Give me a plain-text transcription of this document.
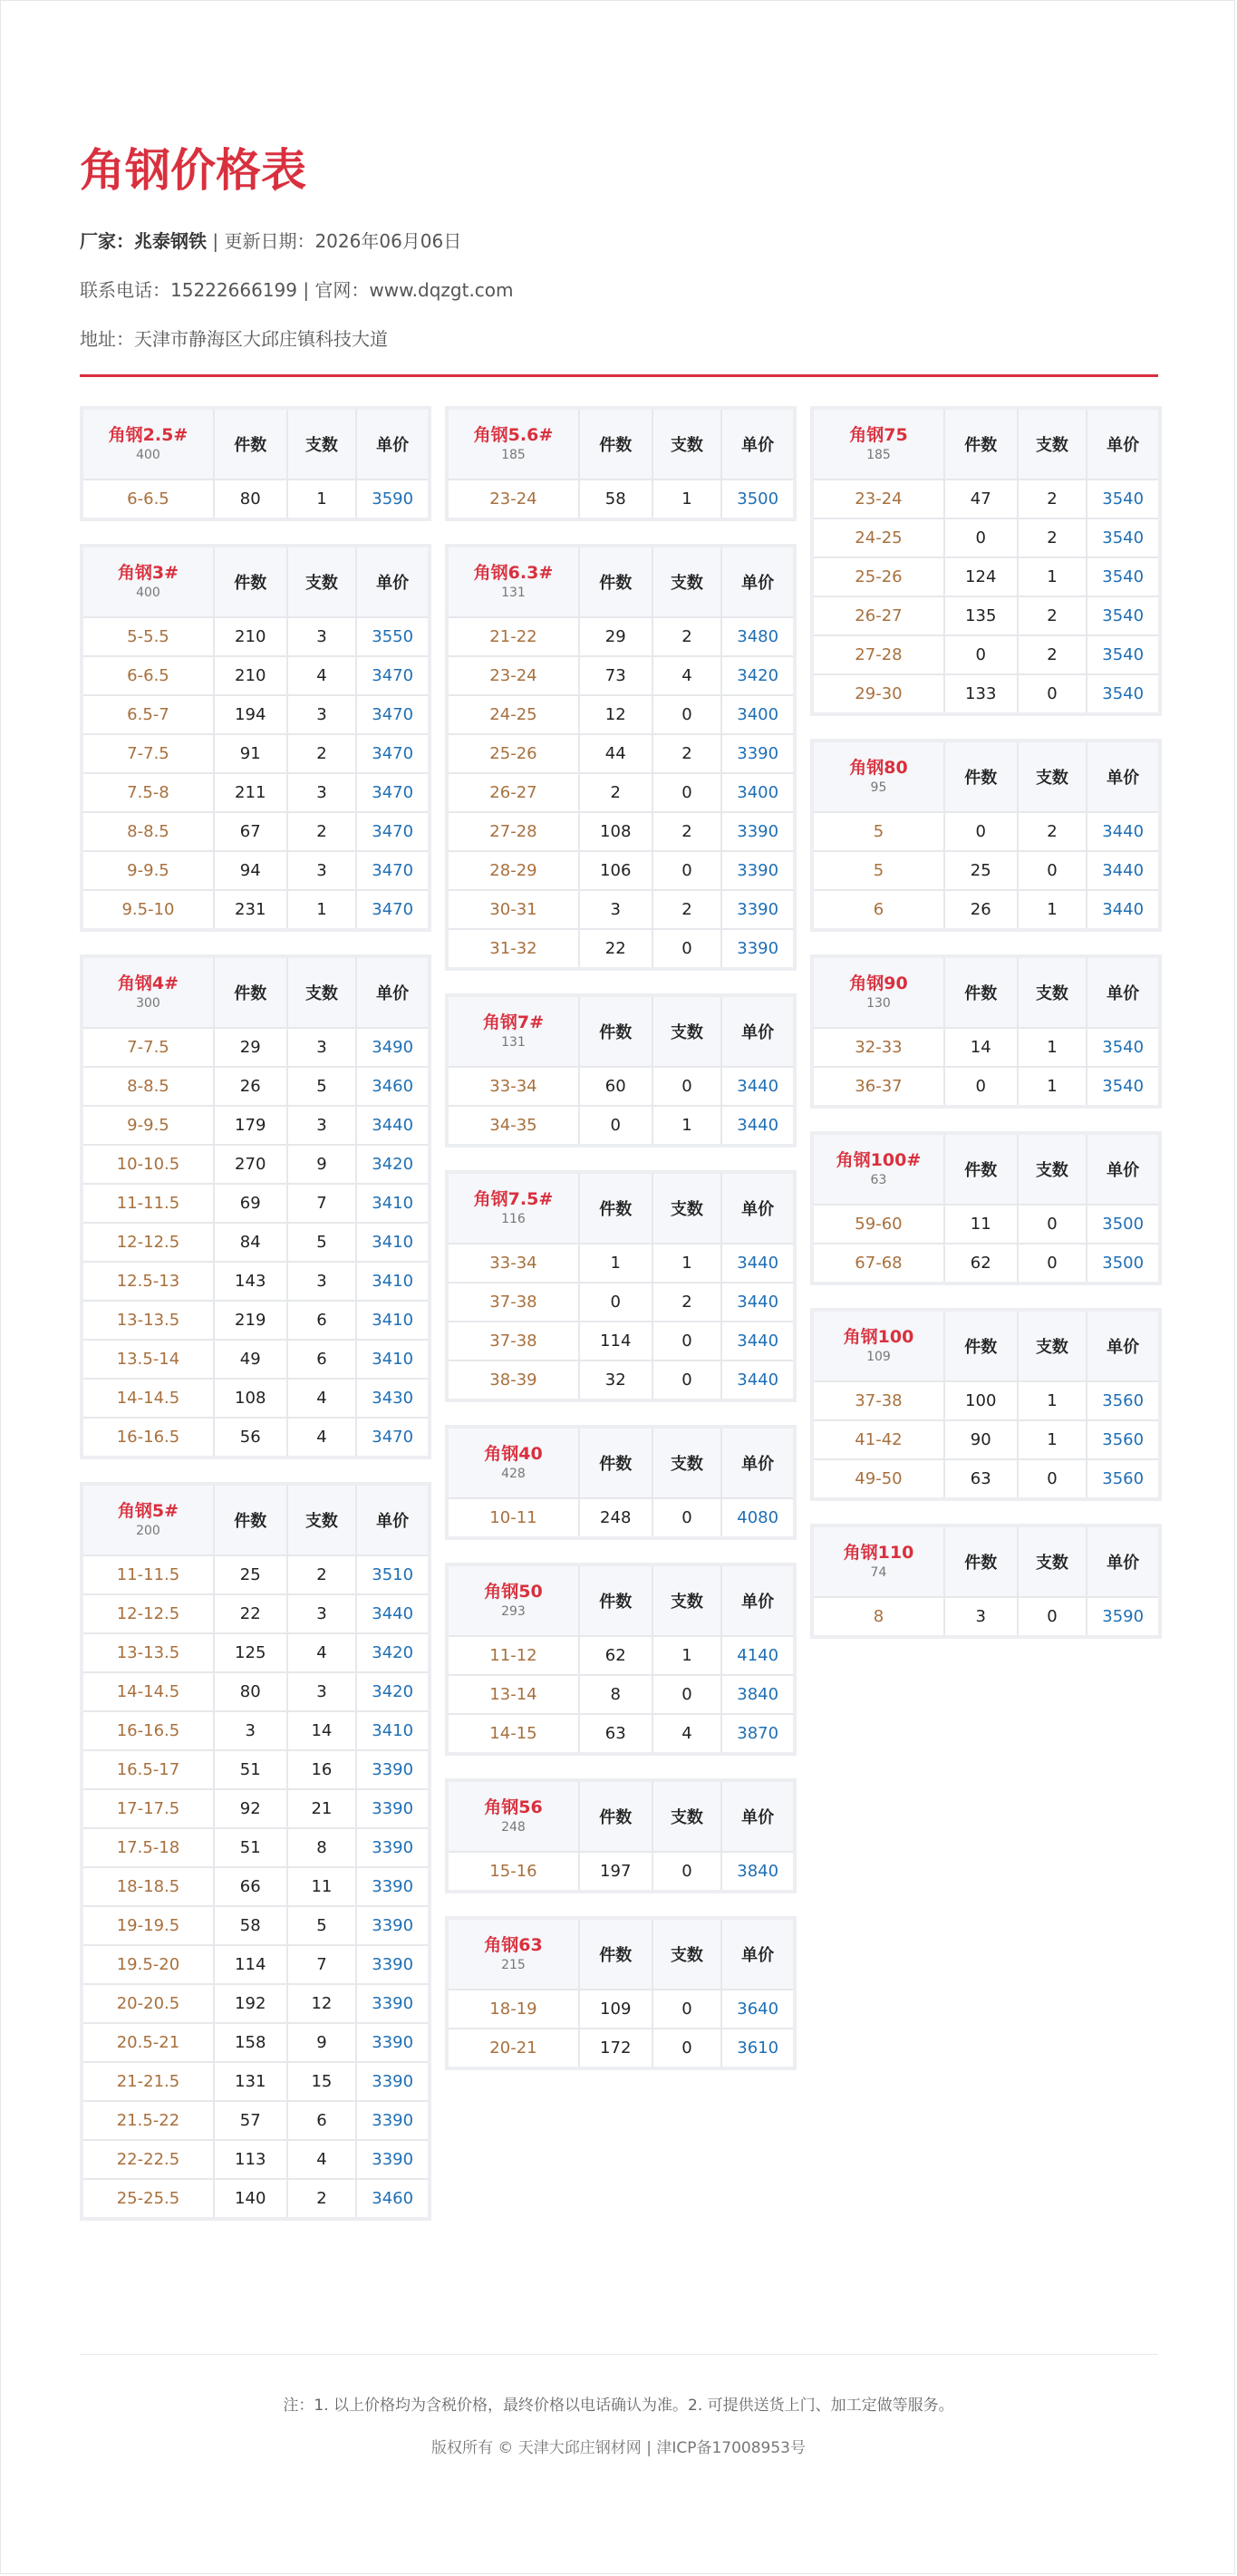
角钢价格表
厂家：兆泰钢铁 | 更新日期：2026年06月06日
联系电话：15222666199 | 官网：www.dqzgt.com
地址：天津市静海区大邱庄镇科技大道
角钢2.5#
400	件数	支数	单价
6-6.5	80	1	3590
角钢3#
400	件数	支数	单价
5-5.5	210	3	3550
6-6.5	210	4	3470
6.5-7	194	3	3470
7-7.5	91	2	3470
7.5-8	211	3	3470
8-8.5	67	2	3470
9-9.5	94	3	3470
9.5-10	231	1	3470
角钢4#
300	件数	支数	单价
7-7.5	29	3	3490
8-8.5	26	5	3460
9-9.5	179	3	3440
10-10.5	270	9	3420
11-11.5	69	7	3410
12-12.5	84	5	3410
12.5-13	143	3	3410
13-13.5	219	6	3410
13.5-14	49	6	3410
14-14.5	108	4	3430
16-16.5	56	4	3470
角钢5#
200	件数	支数	单价
11-11.5	25	2	3510
12-12.5	22	3	3440
13-13.5	125	4	3420
14-14.5	80	3	3420
16-16.5	3	14	3410
16.5-17	51	16	3390
17-17.5	92	21	3390
17.5-18	51	8	3390
18-18.5	66	11	3390
19-19.5	58	5	3390
19.5-20	114	7	3390
20-20.5	192	12	3390
20.5-21	158	9	3390
21-21.5	131	15	3390
21.5-22	57	6	3390
22-22.5	113	4	3390
25-25.5	140	2	3460
角钢5.6#
185	件数	支数	单价
23-24	58	1	3500
角钢6.3#
131	件数	支数	单价
21-22	29	2	3480
23-24	73	4	3420
24-25	12	0	3400
25-26	44	2	3390
26-27	2	0	3400
27-28	108	2	3390
28-29	106	0	3390
30-31	3	2	3390
31-32	22	0	3390
角钢7#
131	件数	支数	单价
33-34	60	0	3440
34-35	0	1	3440
角钢7.5#
116	件数	支数	单价
33-34	1	1	3440
37-38	0	2	3440
37-38	114	0	3440
38-39	32	0	3440
角钢40
428	件数	支数	单价
10-11	248	0	4080
角钢50
293	件数	支数	单价
11-12	62	1	4140
13-14	8	0	3840
14-15	63	4	3870
角钢56
248	件数	支数	单价
15-16	197	0	3840
角钢63
215	件数	支数	单价
18-19	109	0	3640
20-21	172	0	3610
角钢75
185	件数	支数	单价
23-24	47	2	3540
24-25	0	2	3540
25-26	124	1	3540
26-27	135	2	3540
27-28	0	2	3540
29-30	133	0	3540
角钢80
95	件数	支数	单价
5	0	2	3440
5	25	0	3440
6	26	1	3440
角钢90
130	件数	支数	单价
32-33	14	1	3540
36-37	0	1	3540
角钢100#
63	件数	支数	单价
59-60	11	0	3500
67-68	62	0	3500
角钢100
109	件数	支数	单价
37-38	100	1	3560
41-42	90	1	3560
49-50	63	0	3560
角钢110
74	件数	支数	单价
8	3	0	3590
注：1. 以上价格均为含税价格，最终价格以电话确认为准。2. 可提供送货上门、加工定做等服务。
版权所有 © 天津大邱庄钢材网 | 津ICP备17008953号
